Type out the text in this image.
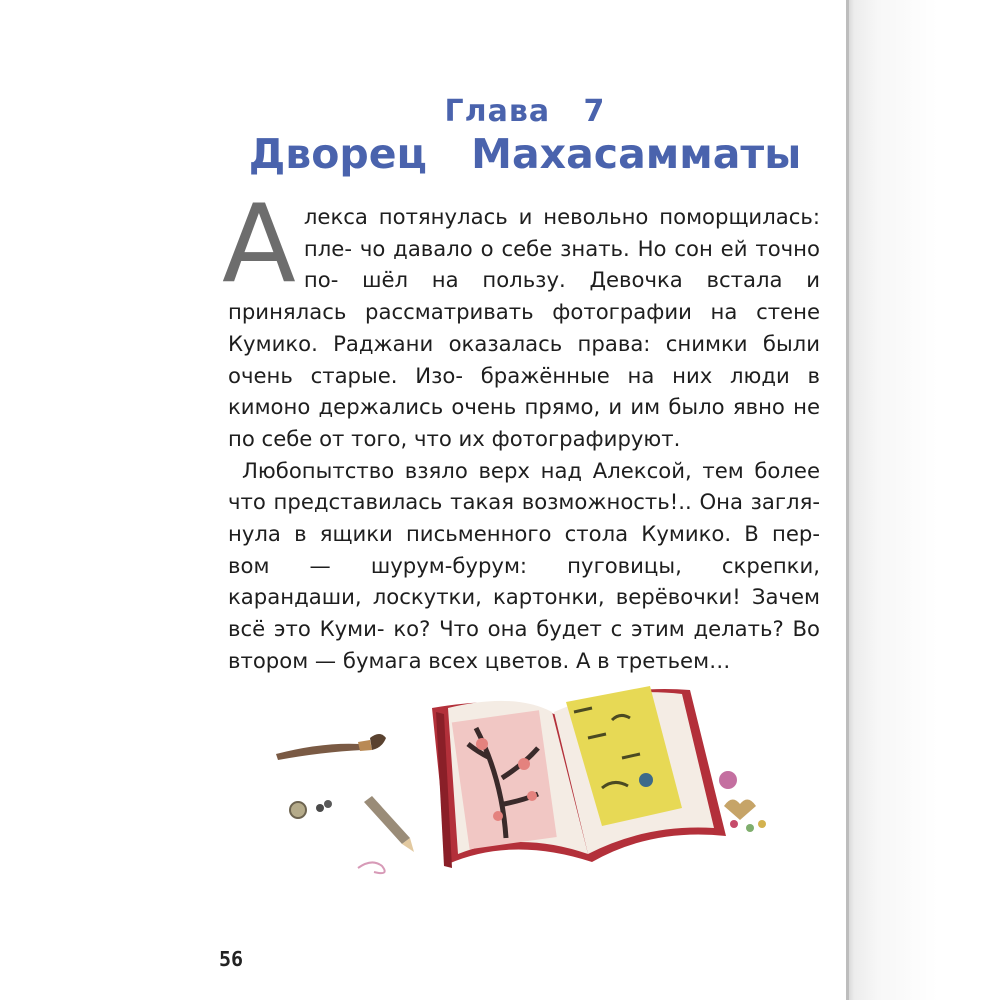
Глава 7
Дворец Махасамматы

А лекса потянулась и невольно поморщилась: пле- чо давало о себе знать. Но сон ей точно по- шёл на пользу. Девочка встала и принялась рассматривать фотографии на стене Кумико. Раджани оказалась права: снимки были очень старые. Изо- бражённые на них люди в кимоно держались очень прямо, и им было явно не по себе от того, что их фотографируют.

Любопытство взяло верх над Алексой, тем более что представилась такая возможность!.. Она загля- нула в ящики письменного стола Кумико. В пер- вом — шурум-бурум: пуговицы, скрепки, карандаши, лоскутки, картонки, верёвочки! Зачем всё это Куми- ко? Что она будет с этим делать? Во втором — бумага всех цветов. А в третьем…

56
